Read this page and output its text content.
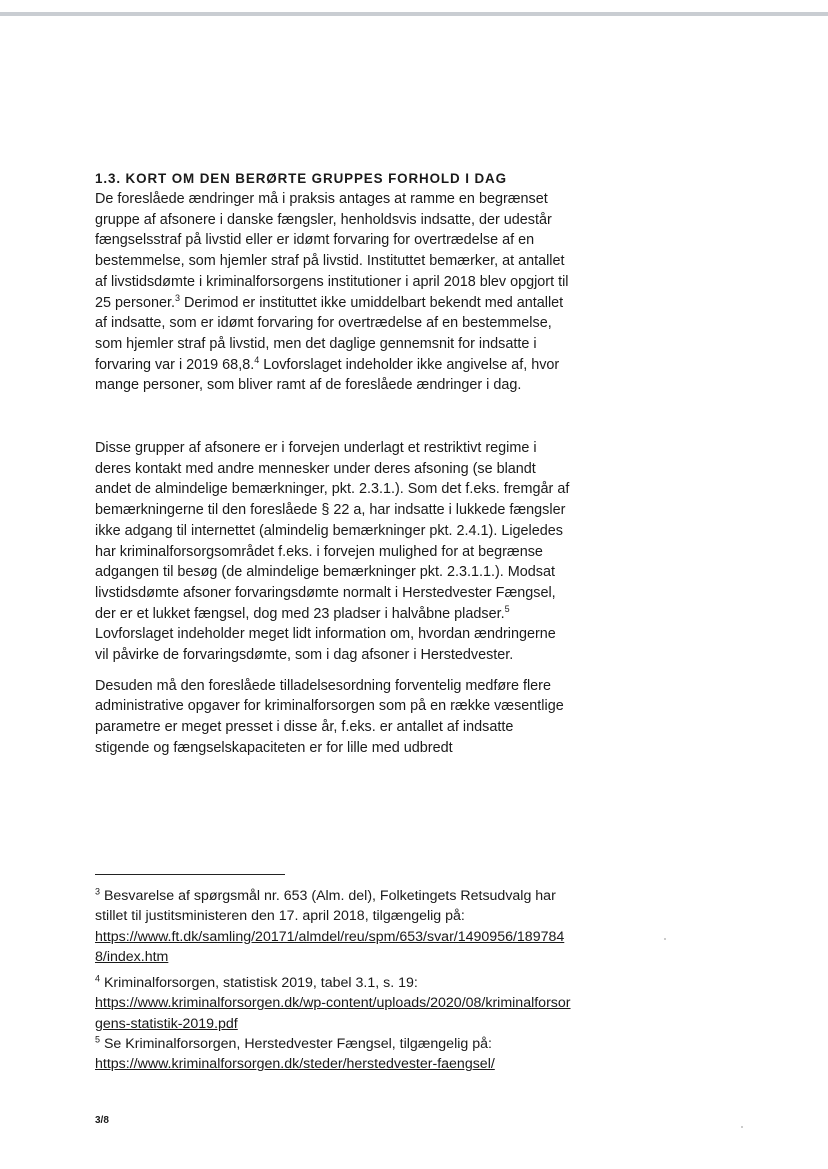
1.3. KORT OM DEN BERØRTE GRUPPES FORHOLD I DAG

De foreslåede ændringer må i praksis antages at ramme en begrænset gruppe af afsonere i danske fængsler, henholdsvis indsatte, der udestår fængselsstraf på livstid eller er idømt forvaring for overtrædelse af en bestemmelse, som hjemler straf på livstid. Instituttet bemærker, at antallet af livstidsdømte i kriminalforsorgens institutioner i april 2018 blev opgjort til 25 personer.$^3$ Derimod er instituttet ikke umiddelbart bekendt med antallet af indsatte, som er idømt forvaring for overtrædelse af en bestemmelse, som hjemler straf på livstid, men det daglige gennemsnit for indsatte i forvaring var i 2019 68,8.$^4$ Lovforslaget indeholder ikke angivelse af, hvor mange personer, som bliver ramt af de foreslåede ændringer i dag.

Disse grupper af afsonere er i forvejen underlagt et restriktivt regime i deres kontakt med andre mennesker under deres afsoning (se blandt andet de almindelige bemærkninger, pkt. 2.3.1.). Som det f.eks. fremgår af bemærkningerne til den foreslåede § 22 a, har indsatte i lukkede fængsler ikke adgang til internettet (almindelig bemærkninger pkt. 2.4.1). Ligeledes har kriminalforsorgsområdet f.eks. i forvejen mulighed for at begrænse adgangen til besøg (de almindelige bemærkninger pkt. 2.3.1.1.). Modsat livstidsdømte afsoner forvaringsdømte normalt i Herstedvester Fængsel, der er et lukket fængsel, dog med 23 pladser i halvåbne pladser.$^5$ Lovforslaget indeholder meget lidt information om, hvordan ændringerne vil påvirke de forvaringsdømte, som i dag afsoner i Herstedvester.

Desuden må den foreslåede tilladelsesordning forventelig medføre flere administrative opgaver for kriminalforsorgen som på en række væsentlige parametre er meget presset i disse år, f.eks. er antallet af indsatte stigende og fængselskapaciteten er for lille med udbredt

$^3$ Besvarelse af spørgsmål nr. 653 (Alm. del), Folketingets Retsudvalg har stillet til justitsministeren den 17. april 2018, tilgængelig på:
https://www.ft.dk/samling/20171/almdel/reu/spm/653/svar/1490956/1897848/index.htm

$^4$ Kriminalforsorgen, statistisk 2019, tabel 3.1, s. 19:
https://www.kriminalforsorgen.dk/wp-content/uploads/2020/08/kriminalforsorgens-statistik-2019.pdf

$^5$ Se Kriminalforsorgen, Herstedvester Fængsel, tilgængelig på:
https://www.kriminalforsorgen.dk/steder/herstedvester-faengsel/

3/8
